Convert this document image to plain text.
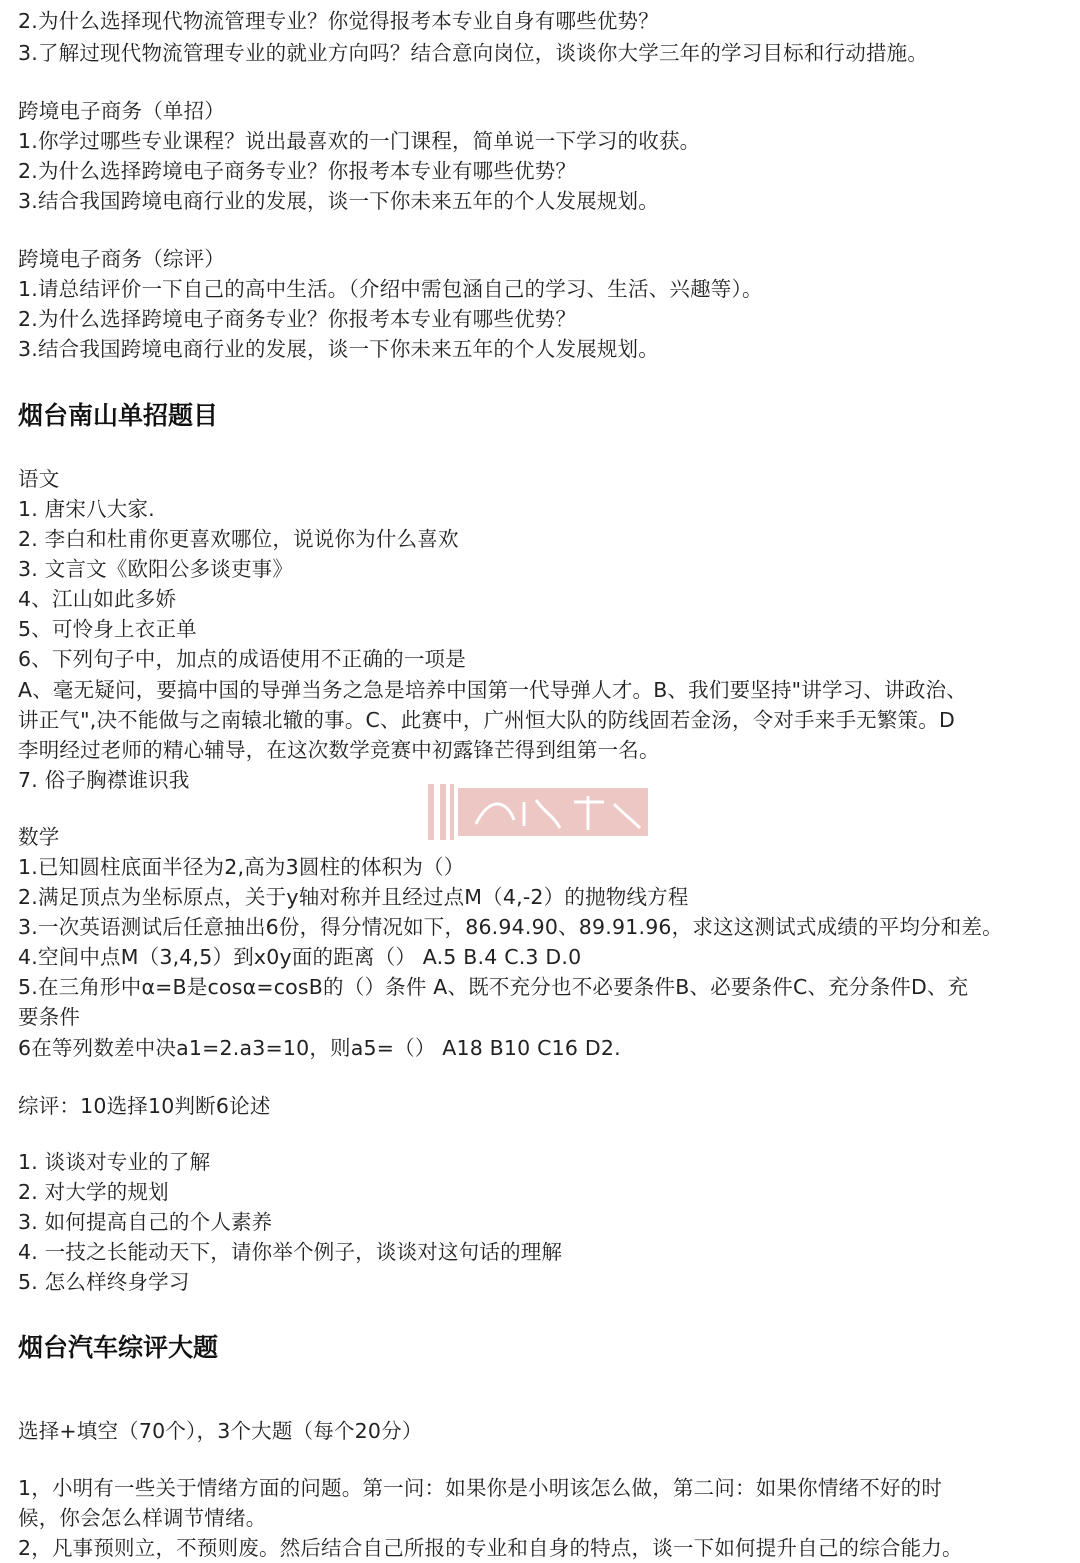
2.为什么选择现代物流管理专业？你觉得报考本专业自身有哪些优势？
3.了解过现代物流管理专业的就业方向吗？结合意向岗位，谈谈你大学三年的学习目标和行动措施。
跨境电子商务（单招）
1.你学过哪些专业课程？说出最喜欢的一门课程，简单说一下学习的收获。
2.为什么选择跨境电子商务专业？你报考本专业有哪些优势？
3.结合我国跨境电商行业的发展，谈一下你未来五年的个人发展规划。
跨境电子商务（综评）
1.请总结评价一下自己的高中生活。（介绍中需包涵自己的学习、生活、兴趣等）。
2.为什么选择跨境电子商务专业？你报考本专业有哪些优势？
3.结合我国跨境电商行业的发展，谈一下你未来五年的个人发展规划。
烟台南山单招题目
语文
1. 唐宋八大家.
2. 李白和杜甫你更喜欢哪位，说说你为什么喜欢
3. 文言文《欧阳公多谈吏事》
4、江山如此多娇
5、可怜身上衣正单
6、下列句子中，加点的成语使用不正确的一项是
A、毫无疑问，要搞中国的导弹当务之急是培养中国第一代导弹人才。B、我们要坚持"讲学习、讲政治、
讲正气",决不能做与之南辕北辙的事。C、此赛中，广州恒大队的防线固若金汤，令对手来手无繁策。D
李明经过老师的精心辅导，在这次数学竞赛中初露锋芒得到组第一名。
7. 俗子胸襟谁识我
数学
1.已知圆柱底面半径为2,高为3圆柱的体积为（）
2.满足顶点为坐标原点，关于y轴对称并且经过点M（4,-2）的抛物线方程
3.一次英语测试后任意抽出6份，得分情况如下，86.94.90、89.91.96，求这这测试式成绩的平均分和差。
4.空间中点M（3,4,5）到x0y面的距离（） A.5 B.4 C.3 D.0
5.在三角形中α=B是cosα=cosB的（）条件 A、既不充分也不必要条件B、必要条件C、充分条件D、充
要条件
6在等列数差中决a1=2.a3=10，则a5=（） A18 B10 C16 D2.
综评：10选择10判断6论述
1. 谈谈对专业的了解
2. 对大学的规划
3. 如何提高自己的个人素养
4. 一技之长能动天下，请你举个例子，谈谈对这句话的理解
5. 怎么样终身学习
烟台汽车综评大题
选择+填空（70个），3个大题（每个20分）
1，小明有一些关于情绪方面的问题。第一问：如果你是小明该怎么做，第二问：如果你情绪不好的时
候，你会怎么样调节情绪。
2，凡事预则立，不预则废。然后结合自己所报的专业和自身的特点，谈一下如何提升自己的综合能力。
